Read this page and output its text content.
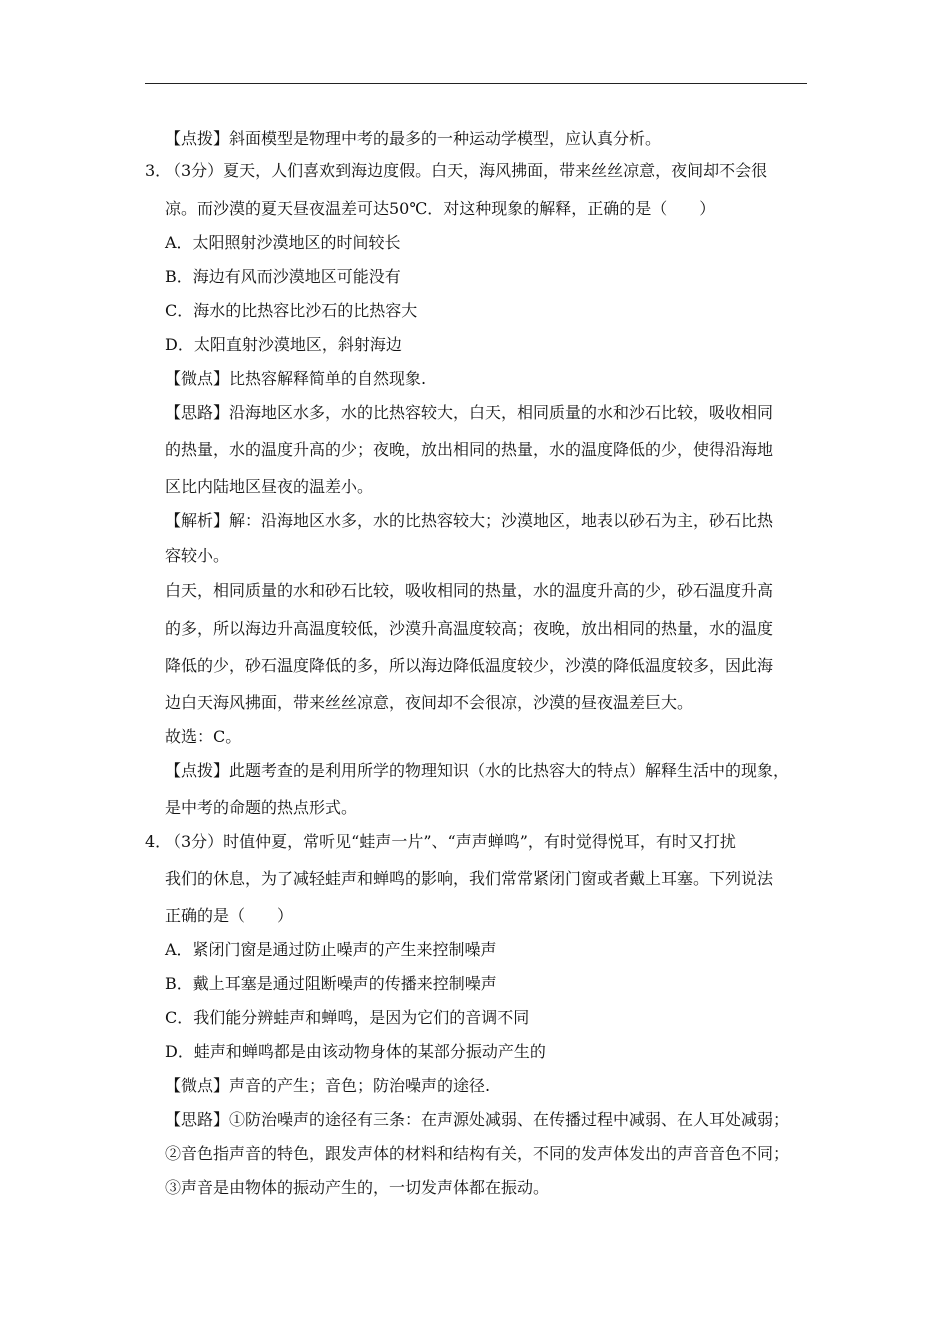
【点拨】斜面模型是物理中考的最多的一种运动学模型，应认真分析。
3．
（3分）夏天，人们喜欢到海边度假。白天，海风拂面，带来丝丝凉意，夜间却不会很
凉。而沙漠的夏天昼夜温差可达50℃．对这种现象的解释，正确的是（　　）
A．太阳照射沙漠地区的时间较长
B．海边有风而沙漠地区可能没有
C．海水的比热容比沙石的比热容大
D．太阳直射沙漠地区，斜射海边
【微点】比热容解释简单的自然现象.
【思路】沿海地区水多，水的比热容较大，白天，相同质量的水和沙石比较，吸收相同
的热量，水的温度升高的少；夜晚，放出相同的热量，水的温度降低的少，使得沿海地
区比内陆地区昼夜的温差小。
【解析】解：沿海地区水多，水的比热容较大；沙漠地区，地表以砂石为主，砂石比热
容较小。
白天，相同质量的水和砂石比较，吸收相同的热量，水的温度升高的少，砂石温度升高
的多，所以海边升高温度较低，沙漠升高温度较高；夜晚，放出相同的热量，水的温度
降低的少，砂石温度降低的多，所以海边降低温度较少，沙漠的降低温度较多，因此海
边白天海风拂面，带来丝丝凉意，夜间却不会很凉，沙漠的昼夜温差巨大。
故选：C。
【点拨】此题考查的是利用所学的物理知识（水的比热容大的特点）解释生活中的现象，
是中考的命题的热点形式。
4．
（3分）时值仲夏，常听见“蛙声一片”、“声声蝉鸣”，有时觉得悦耳，有时又打扰
我们的休息，为了减轻蛙声和蝉鸣的影响，我们常常紧闭门窗或者戴上耳塞。下列说法
正确的是（　　）
A．紧闭门窗是通过防止噪声的产生来控制噪声
B．戴上耳塞是通过阻断噪声的传播来控制噪声
C．我们能分辨蛙声和蝉鸣，是因为它们的音调不同
D．蛙声和蝉鸣都是由该动物身体的某部分振动产生的
【微点】声音的产生；音色；防治噪声的途径.
【思路】①防治噪声的途径有三条：在声源处减弱、在传播过程中减弱、在人耳处减弱；
②音色指声音的特色，跟发声体的材料和结构有关，不同的发声体发出的声音音色不同；
③声音是由物体的振动产生的，一切发声体都在振动。
